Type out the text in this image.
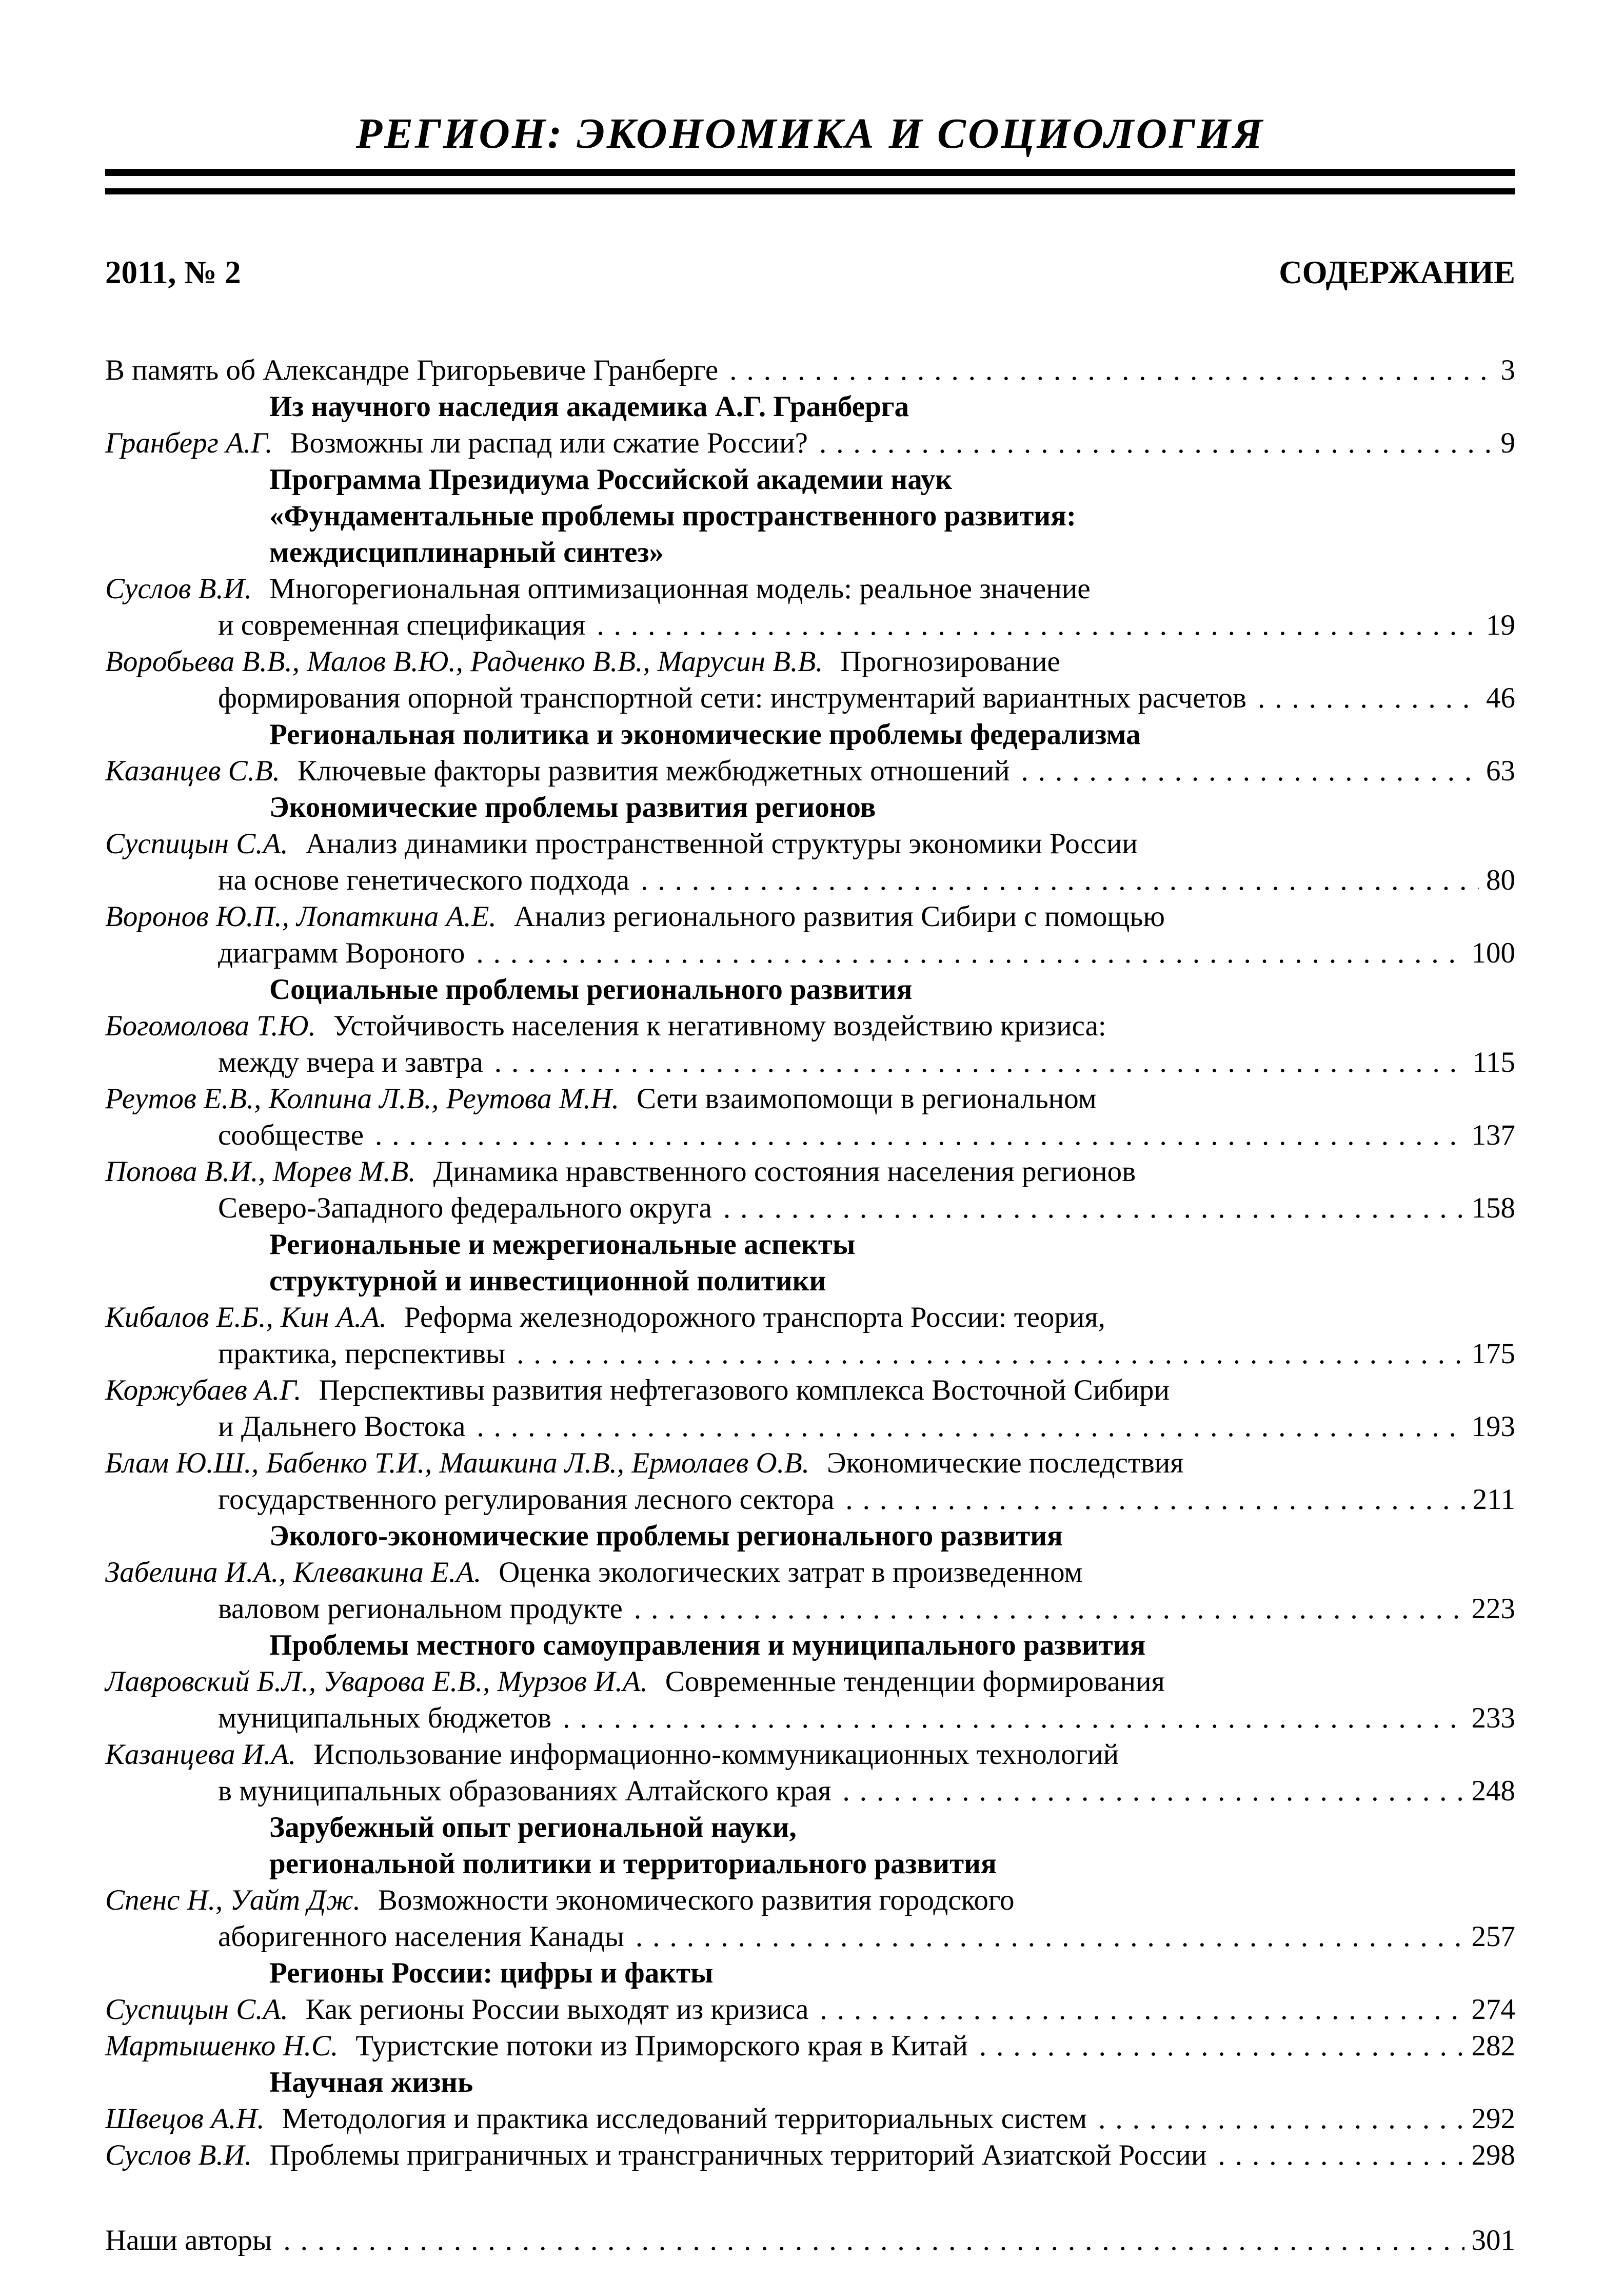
РЕГИОН: ЭКОНОМИКА И СОЦИОЛОГИЯ
2011, № 2	СОДЕРЖАНИЕ
В память об Александре Григорьевиче Гранберге .....	3
Из научного наследия академика А.Г. Гранберга
Гранберг А.Г. Возможны ли распад или сжатие России? .....	9
Программа Президиума Российской академии наук
«Фундаментальные проблемы пространственного развития:
междисциплинарный синтез»
Суслов В.И. Многорегиональная оптимизационная модель: реальное значение
и современная спецификация .....	19
Воробьева В.В., Малов В.Ю., Радченко В.В., Марусин В.В. Прогнозирование
формирования опорной транспортной сети: инструментарий вариантных расчетов .....	46
Региональная политика и экономические проблемы федерализма
Казанцев С.В. Ключевые факторы развития межбюджетных отношений .....	63
Экономические проблемы развития регионов
Суспицын С.А. Анализ динамики пространственной структуры экономики России
на основе генетического подхода .....	80
Воронов Ю.П., Лопаткина А.Е. Анализ регионального развития Сибири с помощью
диаграмм Вороного .....	100
Социальные проблемы регионального развития
Богомолова Т.Ю. Устойчивость населения к негативному воздействию кризиса:
между вчера и завтра .....	115
Реутов Е.В., Колпина Л.В., Реутова М.Н. Сети взаимопомощи в региональном
сообществе .....	137
Попова В.И., Морев М.В. Динамика нравственного состояния населения регионов
Северо-Западного федерального округа .....	158
Региональные и межрегиональные аспекты
структурной и инвестиционной политики
Кибалов Е.Б., Кин А.А. Реформа железнодорожного транспорта России: теория,
практика, перспективы .....	175
Коржубаев А.Г. Перспективы развития нефтегазового комплекса Восточной Сибири
и Дальнего Востока .....	193
Блам Ю.Ш., Бабенко Т.И., Машкина Л.В., Ермолаев О.В. Экономические последствия
государственного регулирования лесного сектора .....	211
Эколого-экономические проблемы регионального развития
Забелина И.А., Клевакина Е.А. Оценка экологических затрат в произведенном
валовом региональном продукте .....	223
Проблемы местного самоуправления и муниципального развития
Лавровский Б.Л., Уварова Е.В., Мурзов И.А. Современные тенденции формирования
муниципальных бюджетов .....	233
Казанцева И.А. Использование информационно-коммуникационных технологий
в муниципальных образованиях Алтайского края .....	248
Зарубежный опыт региональной науки,
региональной политики и территориального развития
Спенс Н., Уайт Дж. Возможности экономического развития городского
аборигенного населения Канады .....	257
Регионы России: цифры и факты
Суспицын С.А. Как регионы России выходят из кризиса .....	274
Мартышенко Н.С. Туристские потоки из Приморского края в Китай .....	282
Научная жизнь
Швецов А.Н. Методология и практика исследований территориальных систем .....	292
Суслов В.И. Проблемы приграничных и трансграничных территорий Азиатской России .....	298
Наши авторы .....	301
